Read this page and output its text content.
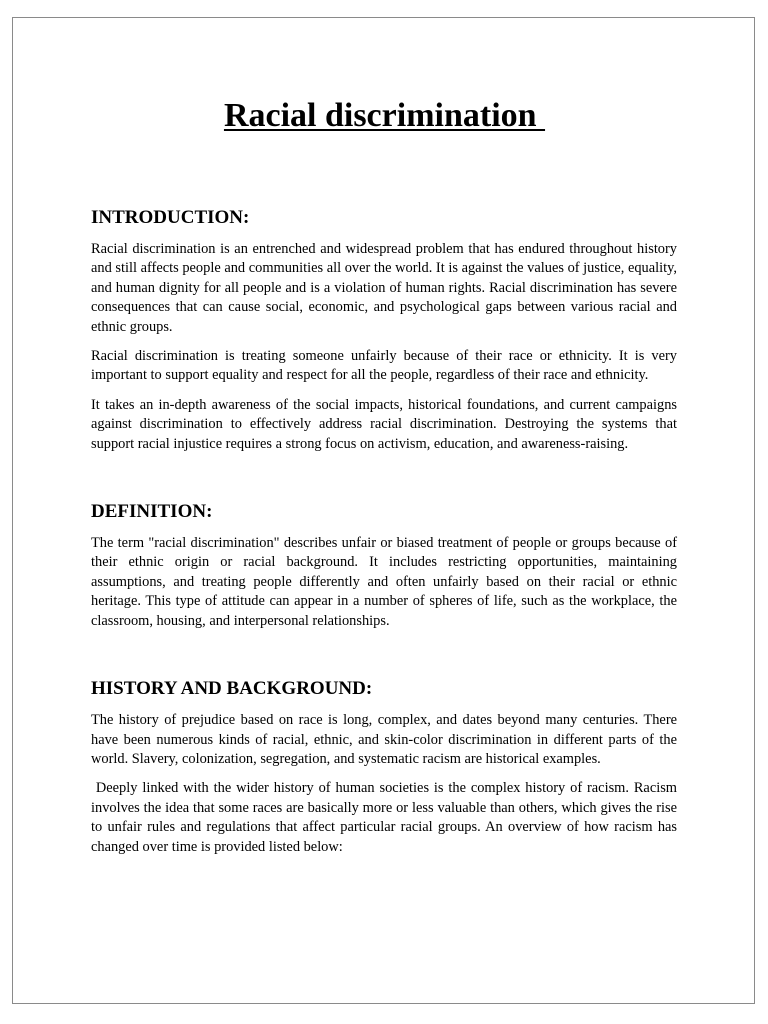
Racial discrimination
INTRODUCTION:

Racial discrimination is an entrenched and widespread problem that has endured throughout history and still affects people and communities all over the world. It is against the values of justice, equality, and human dignity for all people and is a violation of human rights. Racial discrimination has severe consequences that can cause social, economic, and psychological gaps between various racial and ethnic groups.

Racial discrimination is treating someone unfairly because of their race or ethnicity. It is very important to support equality and respect for all the people, regardless of their race and ethnicity.

It takes an in-depth awareness of the social impacts, historical foundations, and current campaigns against discrimination to effectively address racial discrimination. Destroying the systems that support racial injustice requires a strong focus on activism, education, and awareness-raising.

DEFINITION:

The term "racial discrimination" describes unfair or biased treatment of people or groups because of their ethnic origin or racial background. It includes restricting opportunities, maintaining assumptions, and treating people differently and often unfairly based on their racial or ethnic heritage. This type of attitude can appear in a number of spheres of life, such as the workplace, the classroom, housing, and interpersonal relationships.

HISTORY AND BACKGROUND:

The history of prejudice based on race is long, complex, and dates beyond many centuries. There have been numerous kinds of racial, ethnic, and skin-color discrimination in different parts of the world. Slavery, colonization, segregation, and systematic racism are historical examples.

Deeply linked with the wider history of human societies is the complex history of racism. Racism involves the idea that some races are basically more or less valuable than others, which gives the rise to unfair rules and regulations that affect particular racial groups. An overview of how racism has changed over time is provided listed below:
